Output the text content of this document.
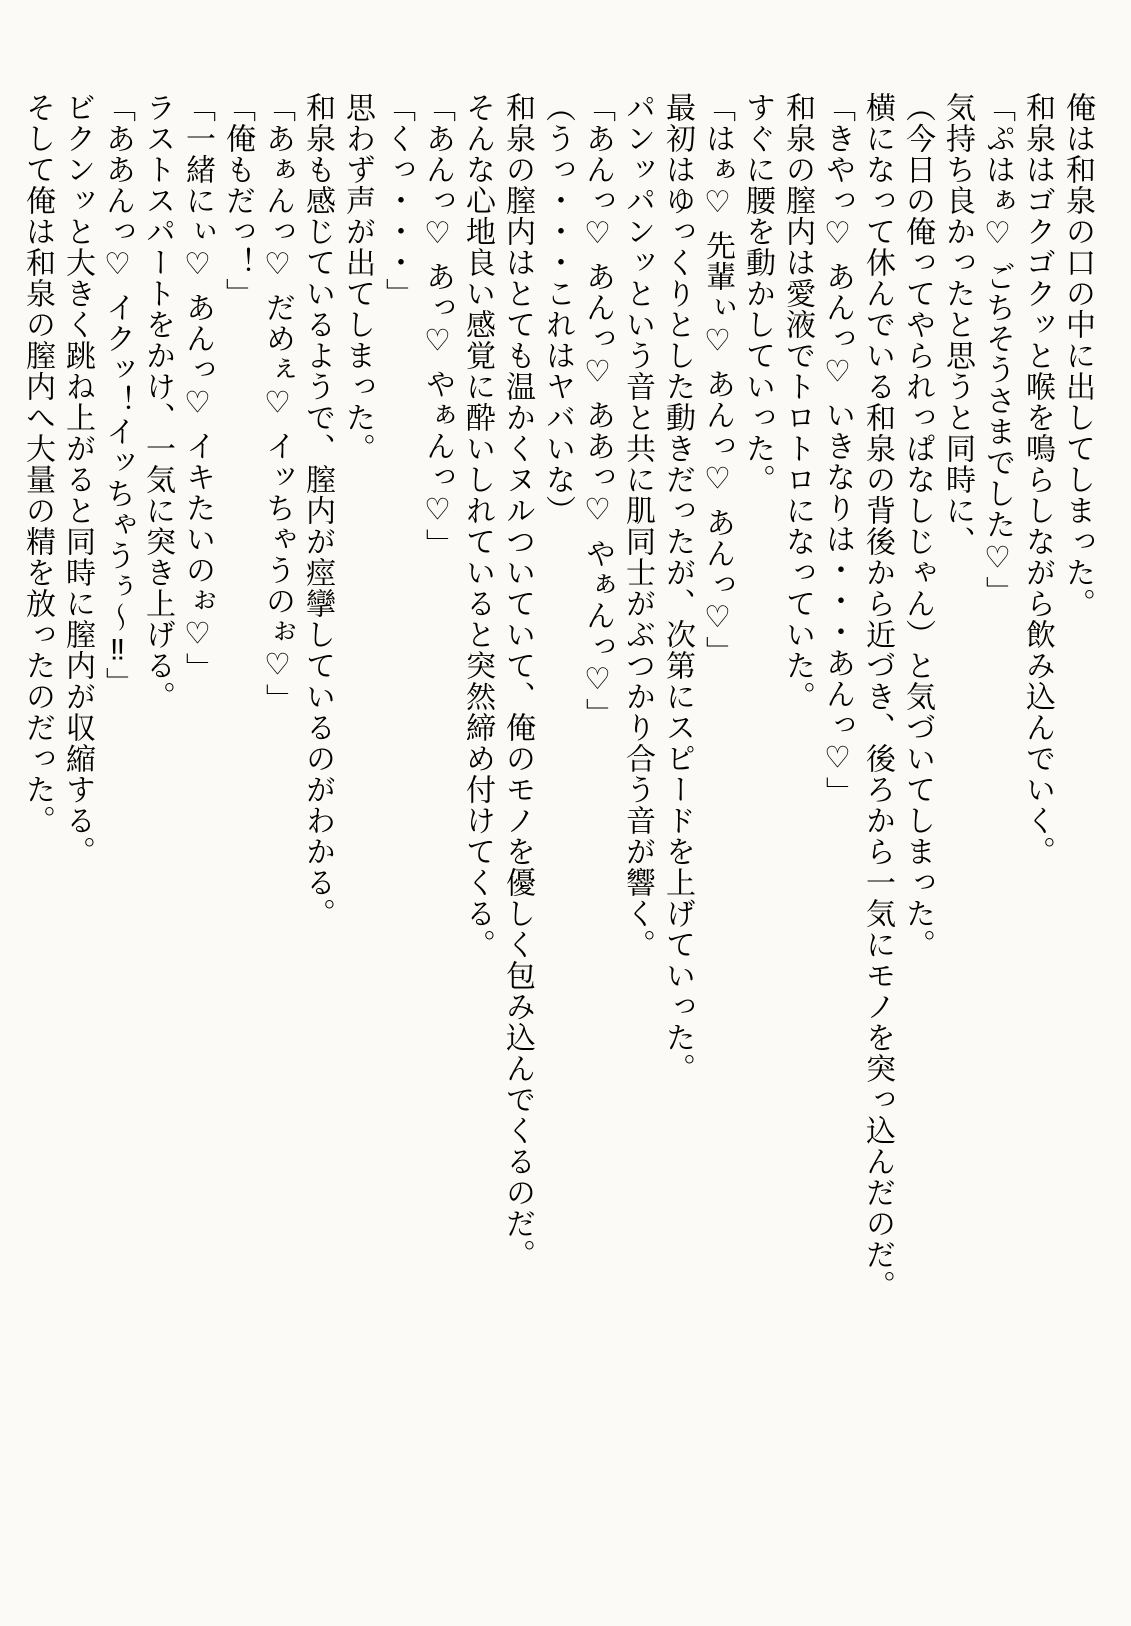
俺は和泉の口の中に出してしまった。

和泉はゴクゴクッと喉を鳴らしながら飲み込んでいく。

「ぷはぁ♡ ごちそうさまでした♡」

気持ち良かったと思うと同時に、

（今日の俺ってやられっぱなしじゃん）と気づいてしまった。

横になって休んでいる和泉の背後から近づき、後ろから一気にモノを突っ込んだのだ。

「きやっ♡ あんっ♡ いきなりは・・・あんっ♡」

和泉の膣内は愛液でトロトロになっていた。

すぐに腰を動かしていった。

「はぁ♡ 先輩ぃ♡ あんっ♡ あんっ♡」

最初はゆっくりとした動きだったが、次第にスピードを上げていった。

パンッパンッという音と共に肌同士がぶつかり合う音が響く。

「あんっ♡ あんっ♡ ああっ♡ やぁんっ♡」

（うっ・・・これはヤバいな）

和泉の膣内はとても温かくヌルついていて、俺のモノを優しく包み込んでくるのだ。

そんな心地良い感覚に酔いしれていると突然締め付けてくる。

「あんっ♡ あっ♡ やぁんっ♡」

「くっ・・・」

思わず声が出てしまった。

和泉も感じているようで、膣内が痙攣しているのがわかる。

「あぁんっ♡ だめぇ♡ イッちゃうのぉ♡」

「俺もだっ！」

「一緒にぃ♡ あんっ♡ イキたいのぉ♡」

ラストスパートをかけ、一気に突き上げる。

「ああんっ♡ イクッ！イッちゃうぅ～‼」

ビクンッと大きく跳ね上がると同時に膣内が収縮する。

そして俺は和泉の膣内へ大量の精を放ったのだった。
